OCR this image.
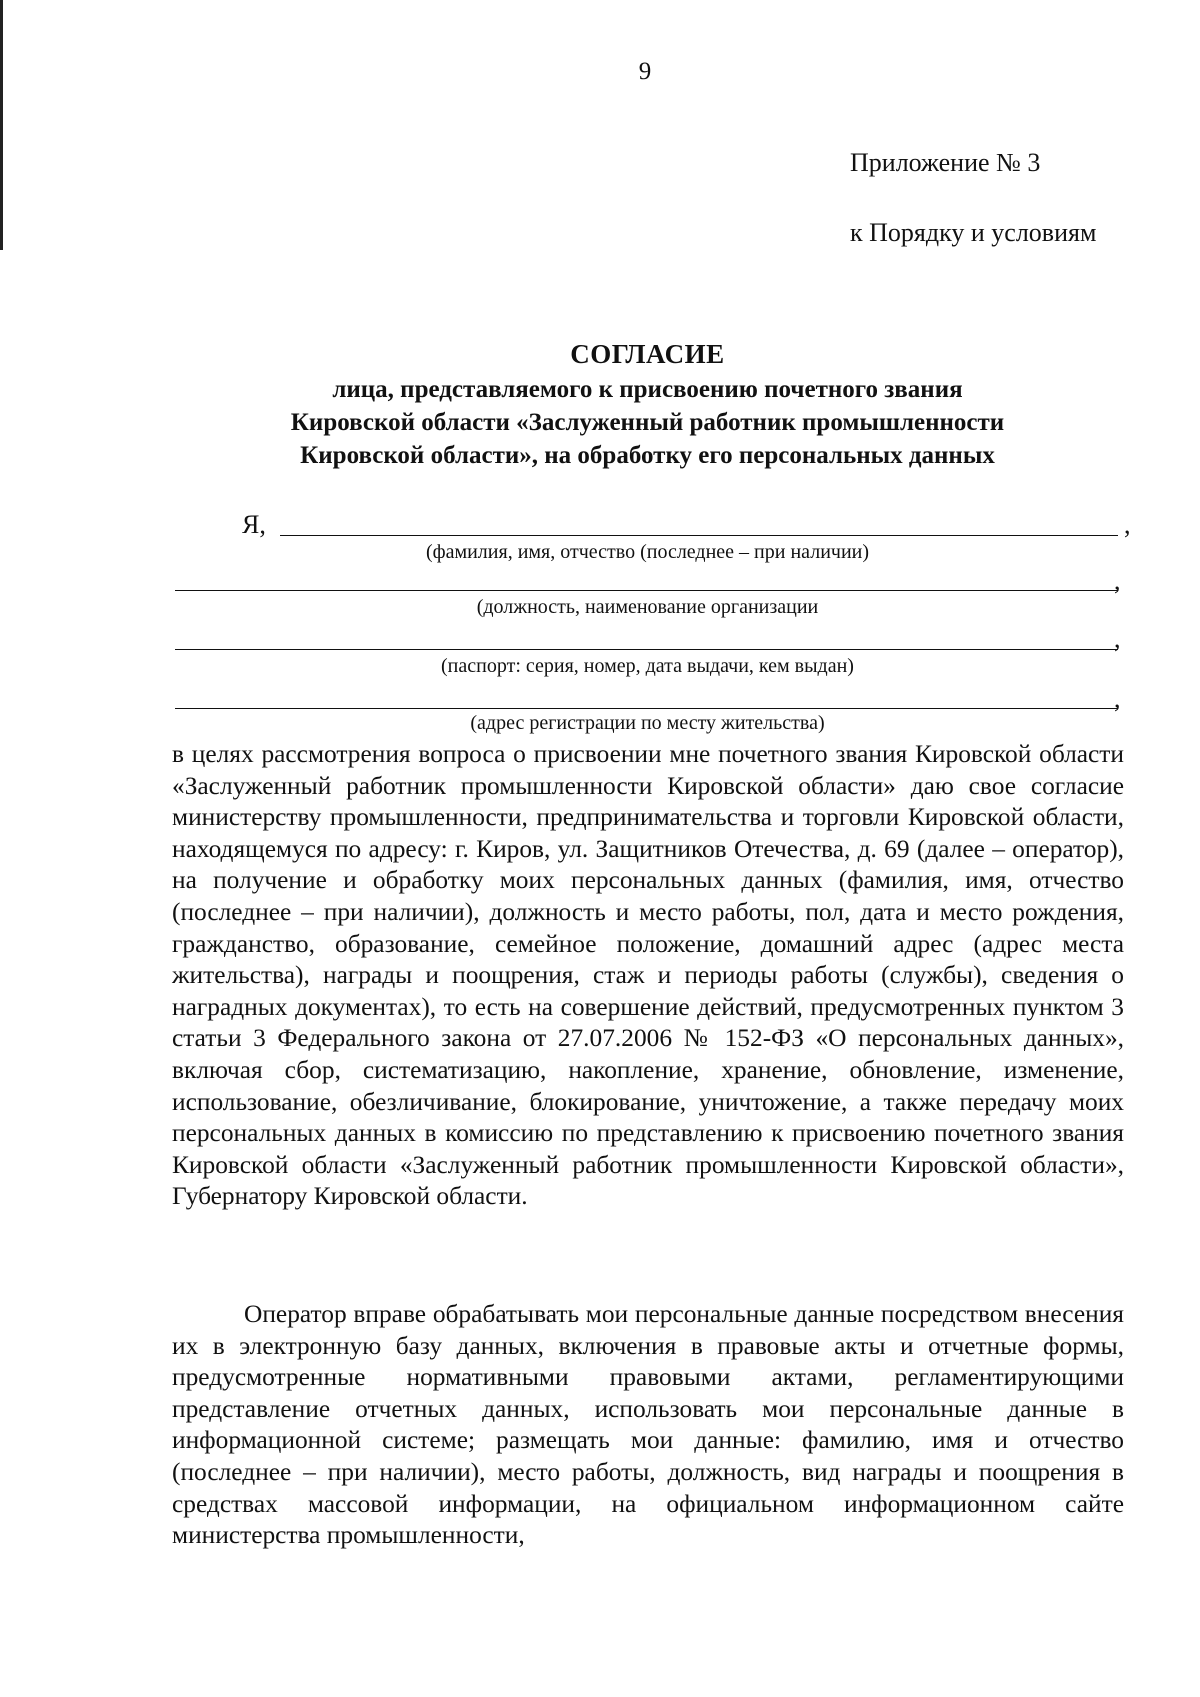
9
Приложение № 3
к Порядку и условиям
СОГЛАСИЕ
лица, представляемого к присвоению почетного звания
Кировской области «Заслуженный работник промышленности
Кировской области», на обработку его персональных данных
Я,	,
(фамилия, имя, отчество (последнее – при наличии)
,
(должность, наименование организации
,
(паспорт: серия, номер, дата выдачи, кем выдан)
,
(адрес регистрации по месту жительства)

в целях рассмотрения вопроса о присвоении мне почетного звания Кировской области «Заслуженный работник промышленности Кировской области» даю свое согласие министерству промышленности, предпринимательства и торговли Кировской области, находящемуся по адресу: г. Киров, ул. Защитников Отечества, д. 69 (далее – оператор), на получение и обработку моих персональных данных (фамилия, имя, отчество (последнее – при наличии), должность и место работы, пол, дата и место рождения, гражданство, образование, семейное положение, домашний адрес (адрес места жительства), награды и поощрения, стаж и периоды работы (службы), сведения о наградных документах), то есть на совершение действий, предусмотренных пунктом 3 статьи 3 Федерального закона от 27.07.2006 № 152-ФЗ «О персональных данных», включая сбор, систематизацию, накопление, хранение, обновление, изменение, использование, обезличивание, блокирование, уничтожение, а также передачу моих персональных данных в комиссию по представлению к присвоению почетного звания Кировской области «Заслуженный работник промышленности Кировской области», Губернатору Кировской области.

Оператор вправе обрабатывать мои персональные данные посредством внесения их в электронную базу данных, включения в правовые акты и отчетные формы, предусмотренные нормативными правовыми актами, регламентирующими представление отчетных данных, использовать мои персональные данные в информационной системе; размещать мои данные: фамилию, имя и отчество (последнее – при наличии), место работы, должность, вид награды и поощрения в средствах массовой информации, на официальном информационном сайте министерства промышленности,
